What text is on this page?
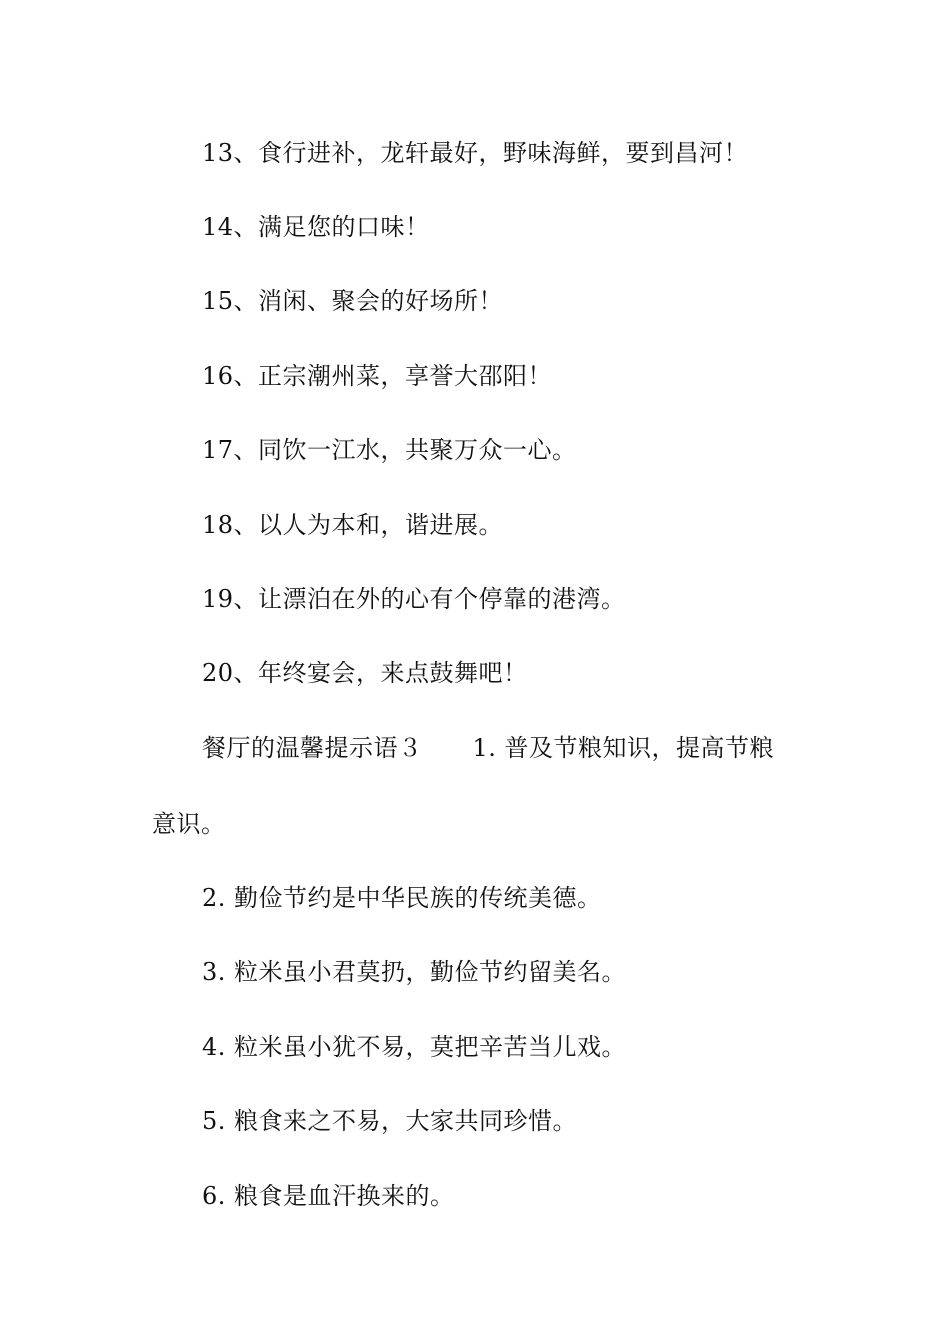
13、食行进补，龙轩最好，野味海鲜，要到昌河！
14、满足您的口味！
15、消闲、聚会的好场所！
16、正宗潮州菜，享誉大邵阳！
17、同饮一江水，共聚万众一心。
18、以人为本和，谐进展。
19、让漂泊在外的心有个停靠的港湾。
20、年终宴会，来点鼓舞吧！
餐厅的温馨提示语３ 1. 普及节粮知识，提高节粮
意识。
2. 勤俭节约是中华民族的传统美德。
3. 粒米虽小君莫扔，勤俭节约留美名。
4. 粒米虽小犹不易，莫把辛苦当儿戏。
5. 粮食来之不易，大家共同珍惜。
6. 粮食是血汗换来的。
